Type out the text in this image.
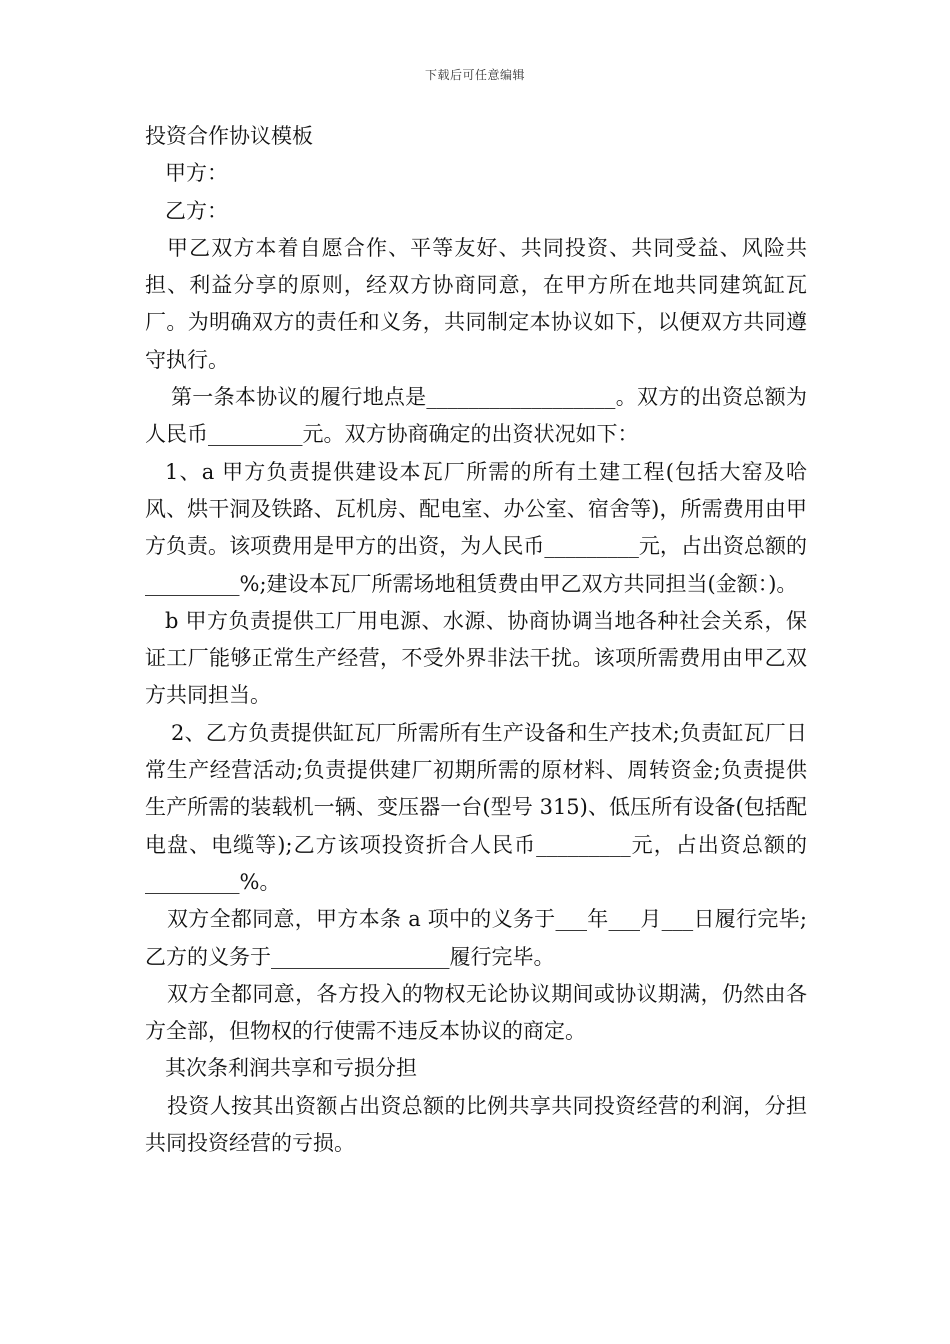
下载后可任意编辑

投资合作协议模板

甲方：

乙方：

甲乙双方本着自愿合作、平等友好、共同投资、共同受益、风险共担、利益分享的原则，经双方协商同意，在甲方所在地共同建筑缸瓦厂。为明确双方的责任和义务，共同制定本协议如下，以便双方共同遵守执行。

第一条本协议的履行地点是__________________。双方的出资总额为人民币_________元。双方协商确定的出资状况如下：

1、a 甲方负责提供建设本瓦厂所需的所有土建工程(包括大窑及哈风、烘干洞及铁路、瓦机房、配电室、办公室、宿舍等)，所需费用由甲方负责。该项费用是甲方的出资，为人民币_________元，占出资总额的_________%;建设本瓦厂所需场地租赁费由甲乙双方共同担当(金额：)。

b 甲方负责提供工厂用电源、水源、协商协调当地各种社会关系，保证工厂能够正常生产经营，不受外界非法干扰。该项所需费用由甲乙双方共同担当。

2、乙方负责提供缸瓦厂所需所有生产设备和生产技术;负责缸瓦厂日常生产经营活动;负责提供建厂初期所需的原材料、周转资金;负责提供生产所需的装载机一辆、变压器一台(型号 315)、低压所有设备(包括配电盘、电缆等);乙方该项投资折合人民币_________元，占出资总额的_________%。

双方全都同意，甲方本条 a 项中的义务于___年___月___日履行完毕;乙方的义务于_________________履行完毕。

双方全都同意，各方投入的物权无论协议期间或协议期满，仍然由各方全部，但物权的行使需不违反本协议的商定。

其次条利润共享和亏损分担

投资人按其出资额占出资总额的比例共享共同投资经营的利润，分担共同投资经营的亏损。
